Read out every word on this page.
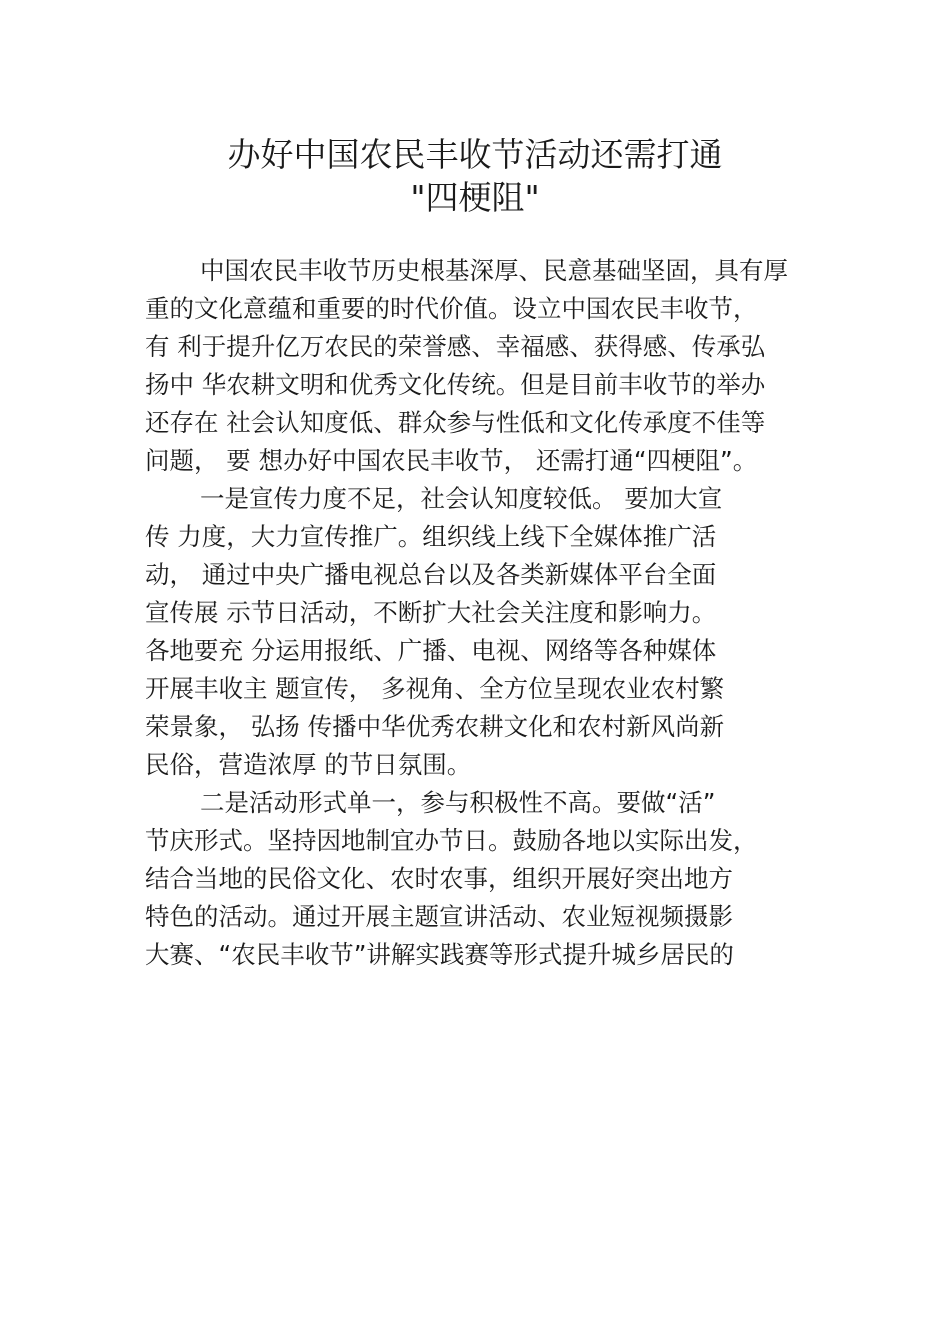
办好中国农民丰收节活动还需打通
"四梗阻"
中国农民丰收节历史根基深厚、民意基础坚固，具有厚
重的文化意蕴和重要的时代价值。设立中国农民丰收节，
有 利于提升亿万农民的荣誉感、幸福感、获得感、传承弘
扬中 华农耕文明和优秀文化传统。但是目前丰收节的举办
还存在 社会认知度低、群众参与性低和文化传承度不佳等
问题， 要 想办好中国农民丰收节， 还需打通“四梗阻”。
一是宣传力度不足，社会认知度较低。 要加大宣
传 力度，大力宣传推广。组织线上线下全媒体推广活
动， 通过中央广播电视总台以及各类新媒体平台全面
宣传展 示节日活动，不断扩大社会关注度和影响力。
各地要充 分运用报纸、广播、电视、网络等各种媒体
开展丰收主 题宣传， 多视角、全方位呈现农业农村繁
荣景象， 弘扬 传播中华优秀农耕文化和农村新风尚新
民俗，营造浓厚 的节日氛围。
二是活动形式单一，参与积极性不高。要做“活”
节庆形式。坚持因地制宜办节日。鼓励各地以实际出发，
结合当地的民俗文化、农时农事，组织开展好突出地方
特色的活动。通过开展主题宣讲活动、农业短视频摄影
大赛、“农民丰收节”讲解实践赛等形式提升城乡居民的
